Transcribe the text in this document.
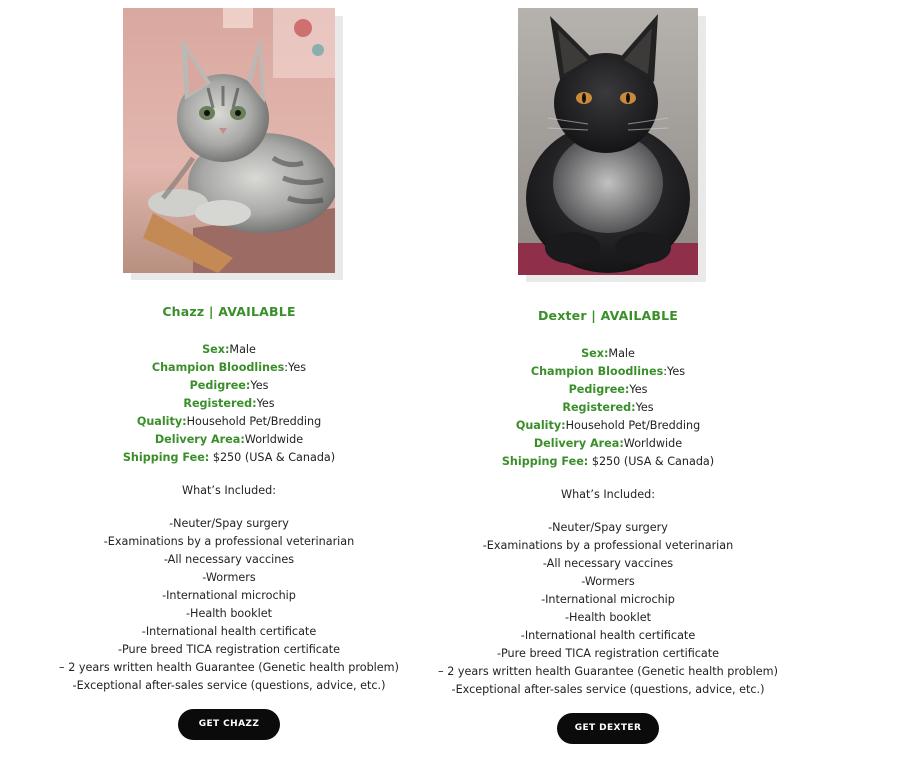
Chazz | AVAILABLE
Sex:Male
Champion Bloodlines:Yes
Pedigree:Yes
Registered:Yes
Quality:Household Pet/Bredding
Delivery Area:Worldwide
Shipping Fee: $250 (USA & Canada)
What’s Included:
-Neuter/Spay surgery
-Examinations by a professional veterinarian
-All necessary vaccines
-Wormers
-International microchip
-Health booklet
-International health certificate
-Pure breed TICA registration certificate
– 2 years written health Guarantee (Genetic health problem)
-Exceptional after-sales service (questions, advice, etc.)
GET CHAZZ
Dexter | AVAILABLE
Sex:Male
Champion Bloodlines:Yes
Pedigree:Yes
Registered:Yes
Quality:Household Pet/Bredding
Delivery Area:Worldwide
Shipping Fee: $250 (USA & Canada)
What’s Included:
-Neuter/Spay surgery
-Examinations by a professional veterinarian
-All necessary vaccines
-Wormers
-International microchip
-Health booklet
-International health certificate
-Pure breed TICA registration certificate
– 2 years written health Guarantee (Genetic health problem)
-Exceptional after-sales service (questions, advice, etc.)
GET DEXTER
